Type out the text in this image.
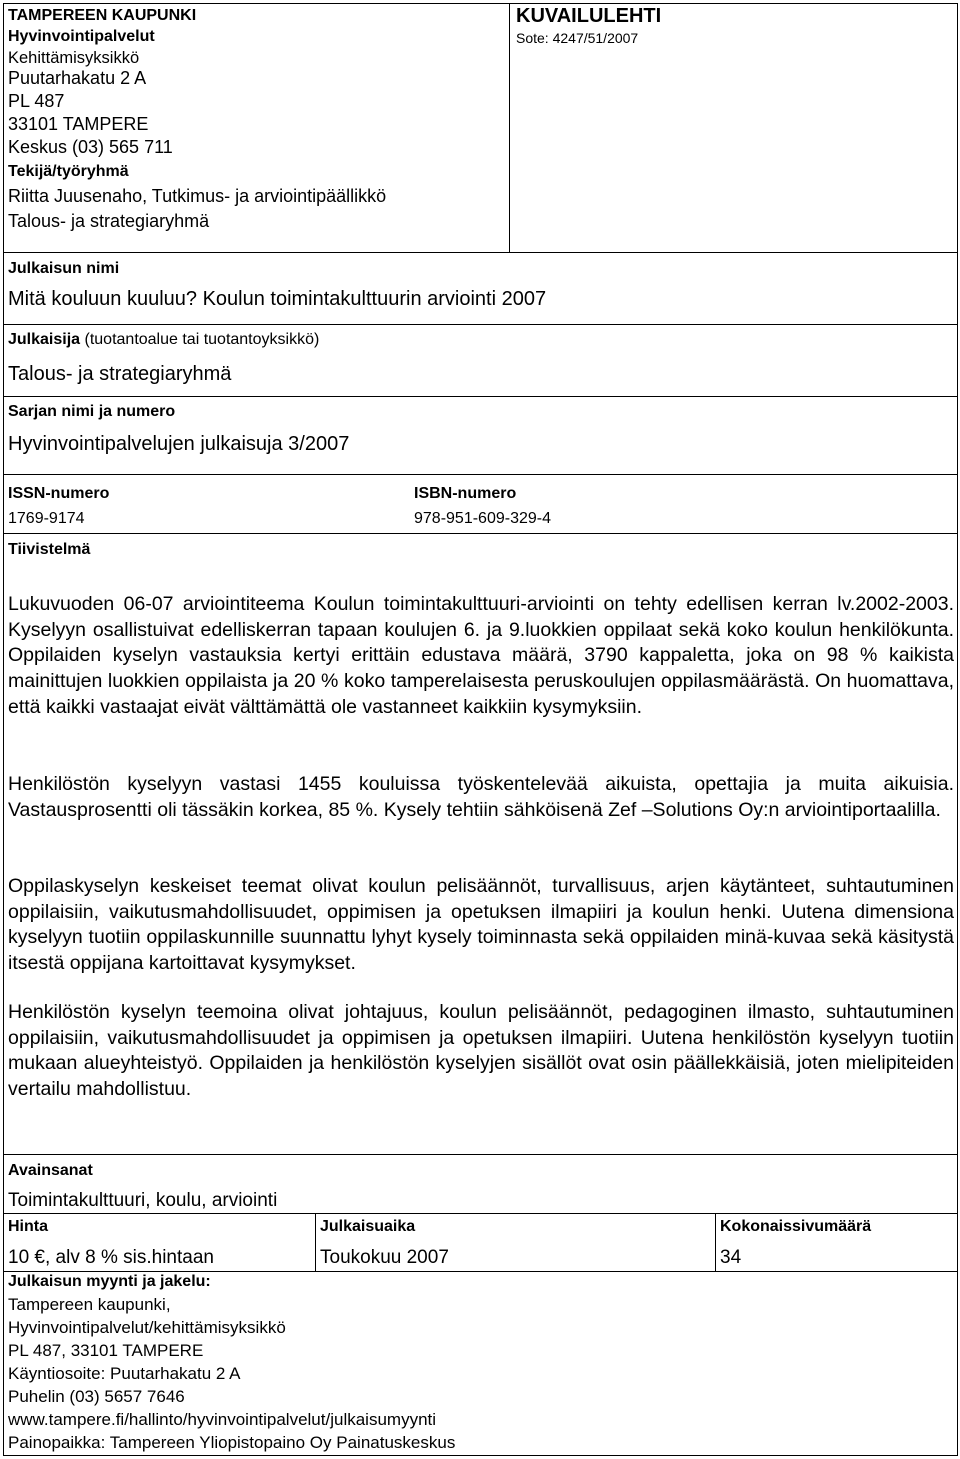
TAMPEREEN KAUPUNKI
Hyvinvointipalvelut
Kehittämisyksikkö
Puutarhakatu 2 A
PL 487
33101 TAMPERE
Keskus (03) 565 711
Tekijä/työryhmä
Riitta Juusenaho, Tutkimus- ja arviointipäällikkö
Talous- ja strategiaryhmä
KUVAILULEHTI
Sote: 4247/51/2007
Julkaisun nimi
Mitä kouluun kuuluu? Koulun toimintakulttuurin arviointi 2007
Julkaisija (tuotantoalue tai tuotantoyksikkö)
Talous- ja strategiaryhmä
Sarjan nimi ja numero
Hyvinvointipalvelujen julkaisuja 3/2007
ISSN-numero
1769-9174
ISBN-numero
978-951-609-329-4
Tiivistelmä

Lukuvuoden 06-07 arviointiteema Koulun toimintakulttuuri-arviointi on tehty edellisen kerran lv.2002-2003. Kyselyyn osallistuivat edelliskerran tapaan koulujen 6. ja 9.luokkien oppilaat sekä koko koulun henkilökunta. Oppilaiden kyselyn vastauksia kertyi erittäin edustava määrä, 3790 kappaletta, joka on 98 % kaikista mainittujen luokkien oppilaista ja 20 % koko tamperelaisesta peruskoulujen oppilasmäärästä. On huomattava, että kaikki vastaajat eivät välttämättä ole vastanneet kaikkiin kysymyksiin.

Henkilöstön kyselyyn vastasi 1455 kouluissa työskentelevää aikuista, opettajia ja muita aikuisia. Vastausprosentti oli tässäkin korkea, 85 %. Kysely tehtiin sähköisenä Zef –Solutions Oy:n arviointiportaalilla.

Oppilaskyselyn keskeiset teemat olivat koulun pelisäännöt, turvallisuus, arjen käytänteet, suhtautuminen oppilaisiin, vaikutusmahdollisuudet, oppimisen ja opetuksen ilmapiiri ja koulun henki. Uutena dimensiona kyselyyn tuotiin oppilaskunnille suunnattu lyhyt kysely toiminnasta sekä oppilaiden minä-kuvaa sekä käsitystä itsestä oppijana kartoittavat kysymykset.

Henkilöstön kyselyn teemoina olivat johtajuus, koulun pelisäännöt, pedagoginen ilmasto, suhtautuminen oppilaisiin, vaikutusmahdollisuudet ja oppimisen ja opetuksen ilmapiiri. Uutena henkilöstön kyselyyn tuotiin mukaan alueyhteistyö. Oppilaiden ja henkilöstön kyselyjen sisällöt ovat osin päällekkäisiä, joten mielipiteiden vertailu mahdollistuu.

Avainsanat
Toimintakulttuuri, koulu, arviointi
Hinta
10 €, alv 8 % sis.hintaan
Julkaisuaika
Toukokuu 2007
Kokonaissivumäärä
34
Julkaisun myynti ja jakelu:
Tampereen kaupunki,
Hyvinvointipalvelut/kehittämisyksikkö
PL 487, 33101 TAMPERE
Käyntiosoite: Puutarhakatu 2 A
Puhelin (03) 5657 7646
www.tampere.fi/hallinto/hyvinvointipalvelut/julkaisumyynti
Painopaikka: Tampereen Yliopistopaino Oy Painatuskeskus
